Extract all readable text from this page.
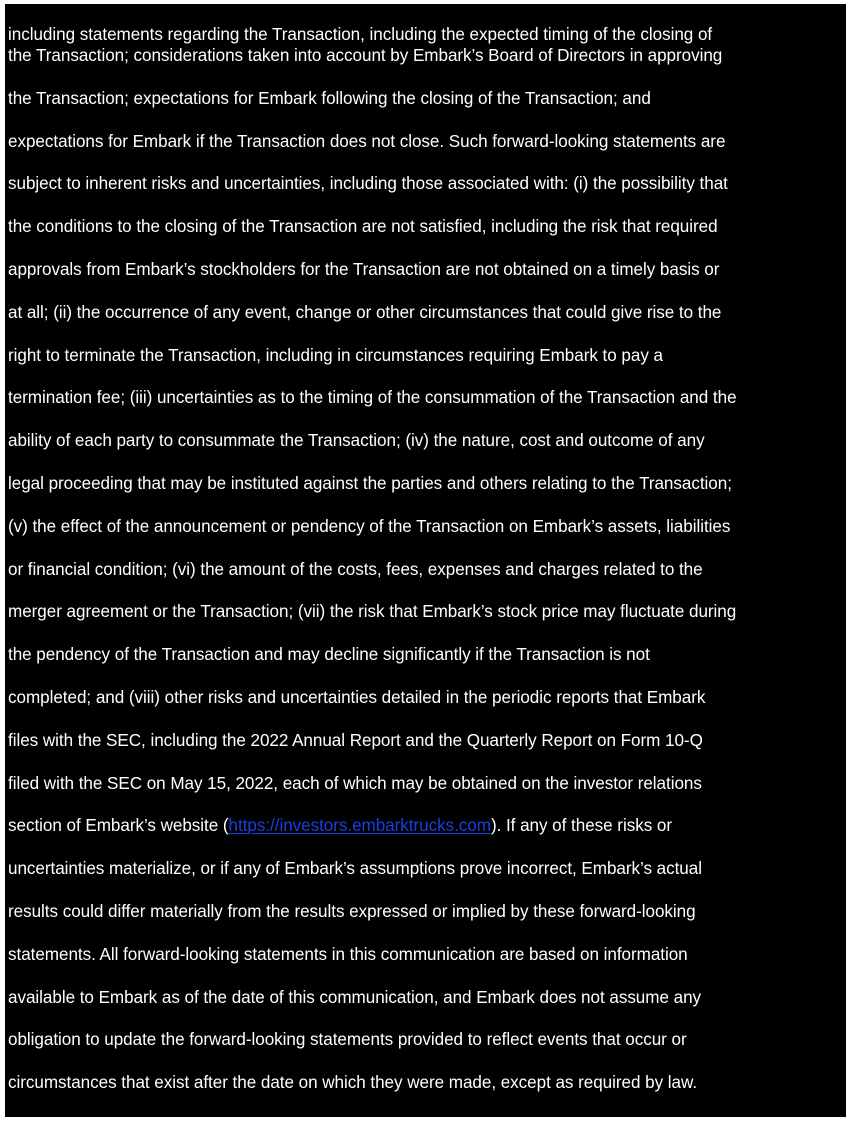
including statements regarding the Transaction, including the expected timing of the closing of
the Transaction; considerations taken into account by Embark’s Board of Directors in approving
the Transaction; expectations for Embark following the closing of the Transaction; and
expectations for Embark if the Transaction does not close. Such forward-looking statements are
subject to inherent risks and uncertainties, including those associated with: (i) the possibility that
the conditions to the closing of the Transaction are not satisfied, including the risk that required
approvals from Embark’s stockholders for the Transaction are not obtained on a timely basis or
at all; (ii) the occurrence of any event, change or other circumstances that could give rise to the
right to terminate the Transaction, including in circumstances requiring Embark to pay a
termination fee; (iii) uncertainties as to the timing of the consummation of the Transaction and the
ability of each party to consummate the Transaction; (iv) the nature, cost and outcome of any
legal proceeding that may be instituted against the parties and others relating to the Transaction;
(v) the effect of the announcement or pendency of the Transaction on Embark’s assets, liabilities
or financial condition; (vi) the amount of the costs, fees, expenses and charges related to the
merger agreement or the Transaction; (vii) the risk that Embark’s stock price may fluctuate during
the pendency of the Transaction and may decline significantly if the Transaction is not
completed; and (viii) other risks and uncertainties detailed in the periodic reports that Embark
files with the SEC, including the 2022 Annual Report and the Quarterly Report on Form 10-Q
filed with the SEC on May 15, 2022, each of which may be obtained on the investor relations
section of Embark’s website (https://investors.embarktrucks.com). If any of these risks or
uncertainties materialize, or if any of Embark’s assumptions prove incorrect, Embark’s actual
results could differ materially from the results expressed or implied by these forward-looking
statements. All forward-looking statements in this communication are based on information
available to Embark as of the date of this communication, and Embark does not assume any
obligation to update the forward-looking statements provided to reflect events that occur or
circumstances that exist after the date on which they were made, except as required by law.
